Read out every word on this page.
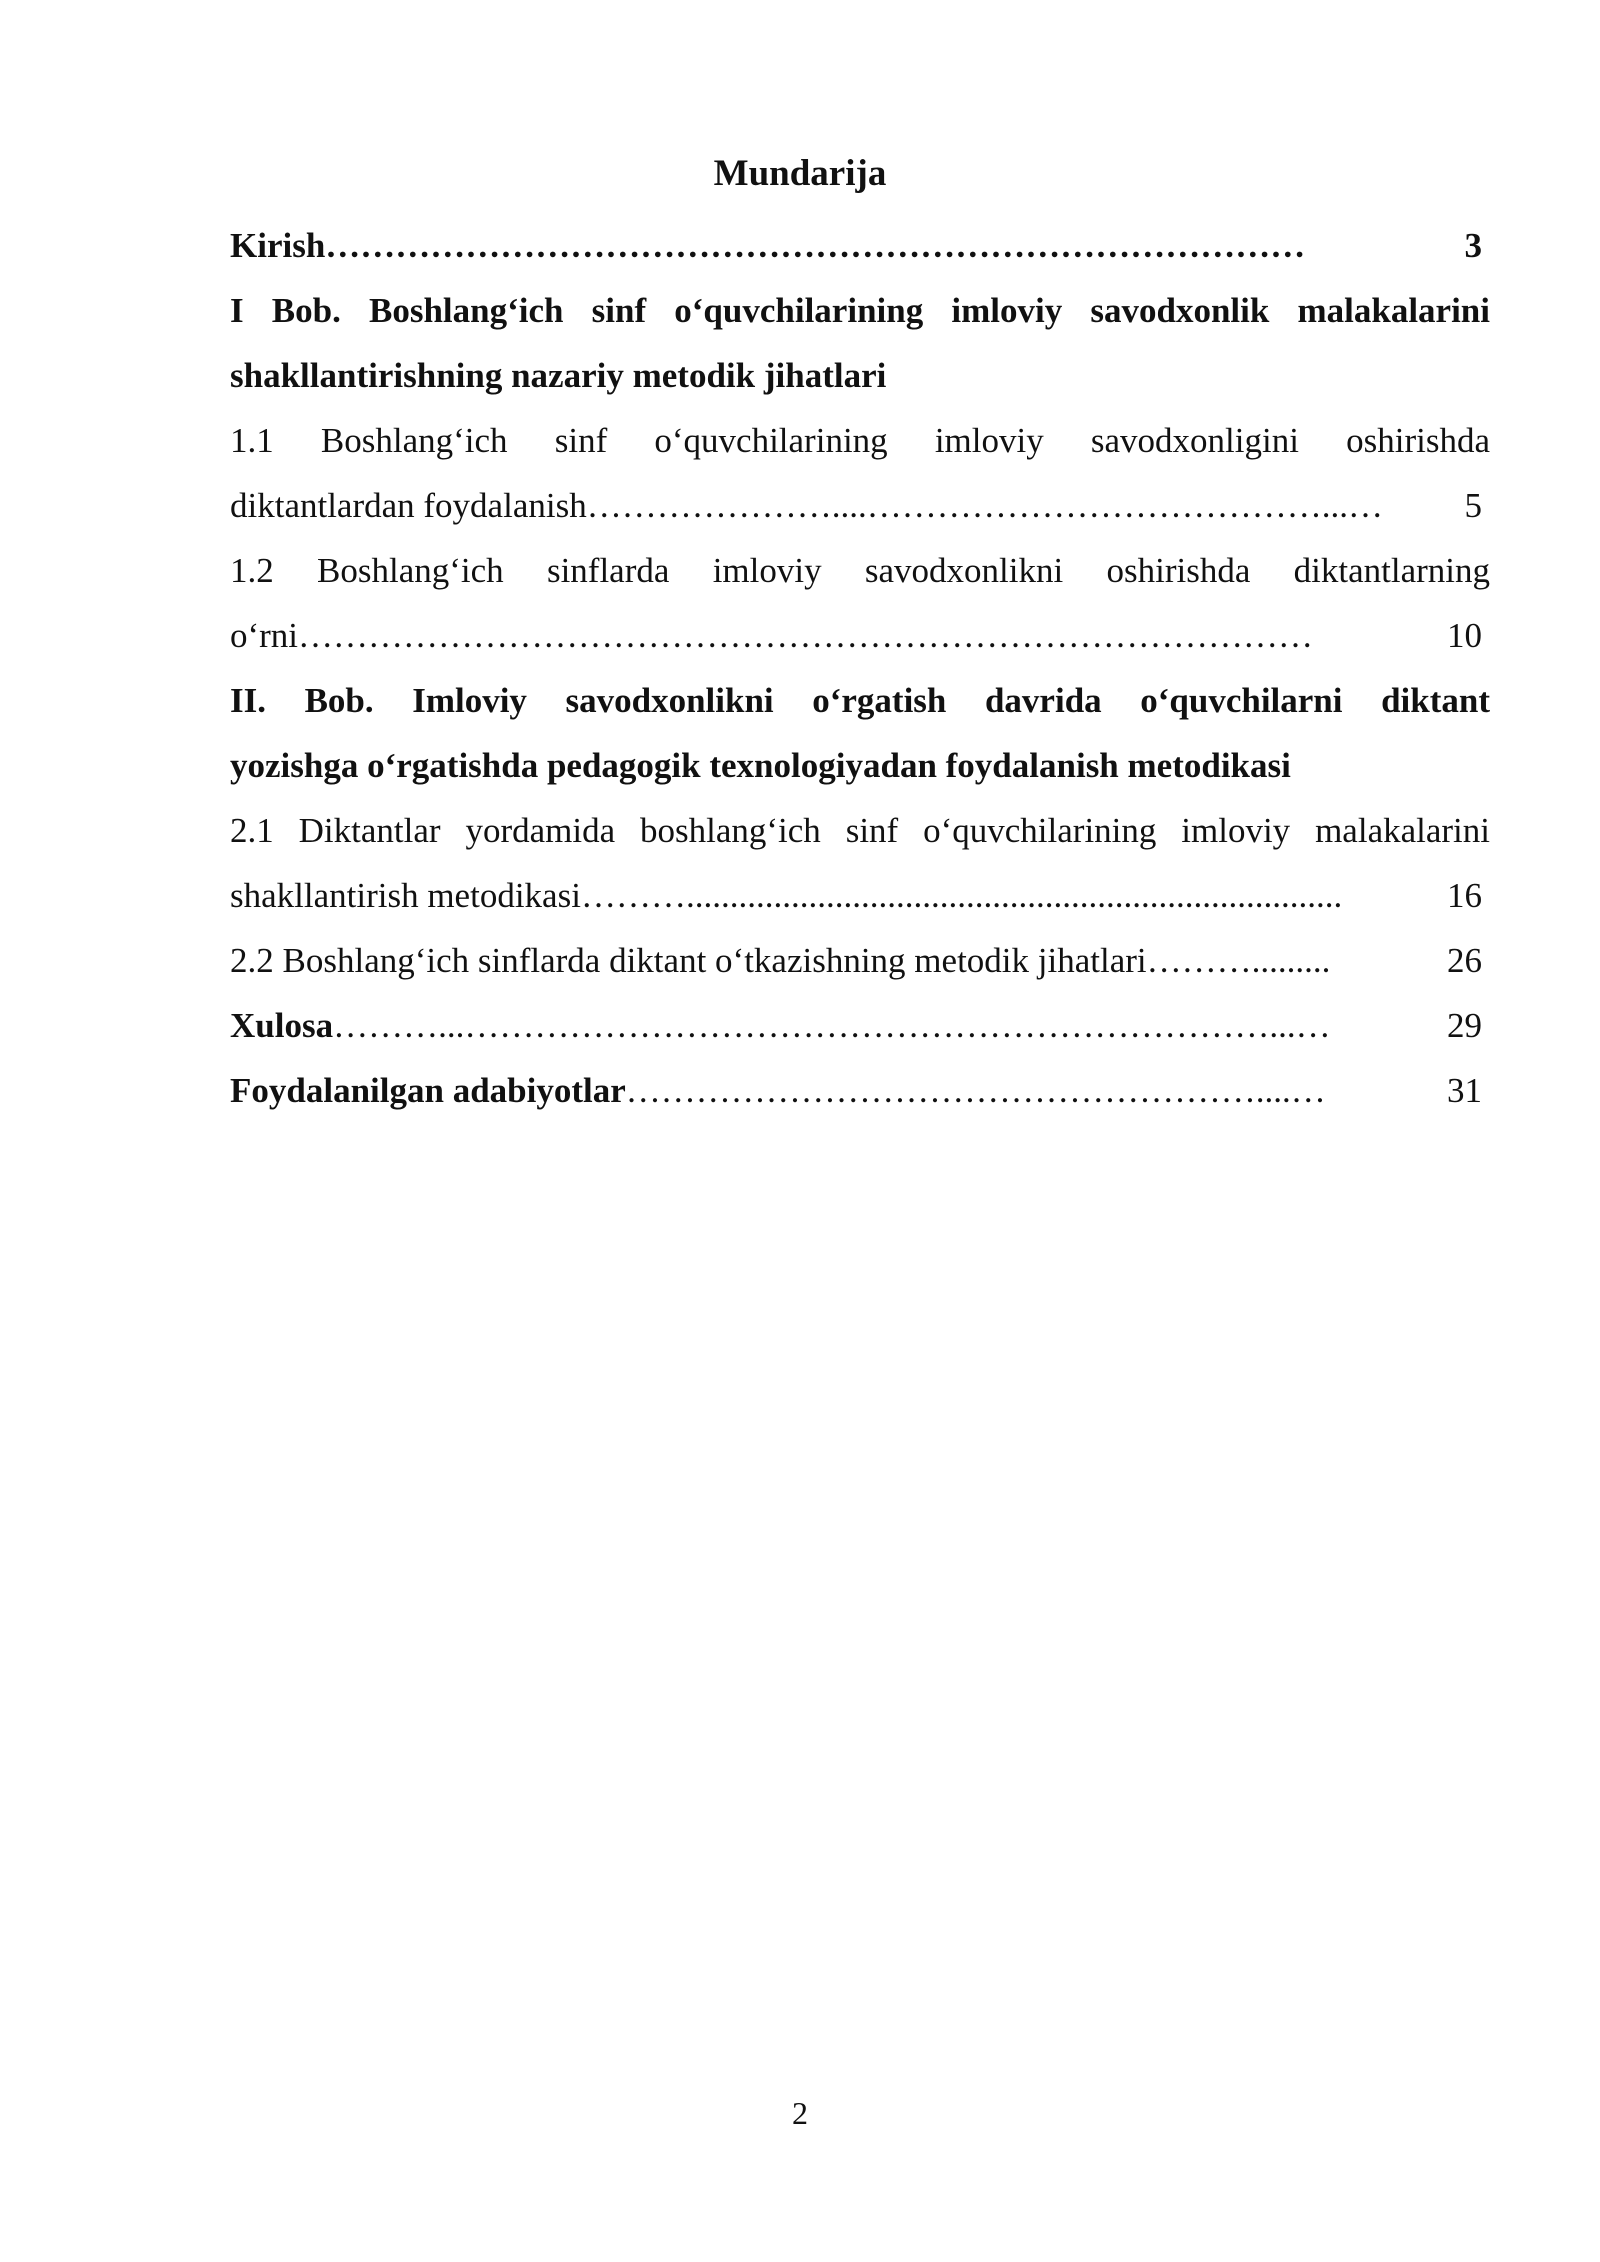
Mundarija
Kirish …………………………………………………………………………	3
I Bob. Boshlang‘ich sinf o‘quvchilarining imloviy savodxonlik malakalarini
shakllantirishning nazariy metodik jihatlari
1.1 Boshlang‘ich sinf o‘quvchilarining imloviy savodxonligini oshirishda
diktantlardan foydalanish …………………....…………………………………...…	5
1.2 Boshlang‘ich sinflarda imloviy savodxonlikni oshirishda diktantlarning
o‘rni ……………………………………………………………………………	10
II. Bob. Imloviy savodxonlikni o‘rgatish davrida o‘quvchilarni diktant
yozishga o‘rgatishda pedagogik texnologiyadan foydalanish metodikasi
2.1 Diktantlar yordamida boshlang‘ich sinf o‘quvchilarining imloviy malakalarini
shakllantirish metodikasi ………...........................................................................	16
2.2 Boshlang‘ich sinflarda diktant o‘tkazishning metodik jihatlari ……….........	26
Xulosa ………...……………………………………………………………...…	29
Foydalanilgan adabiyotlar ………………………………………………....…	31
2
